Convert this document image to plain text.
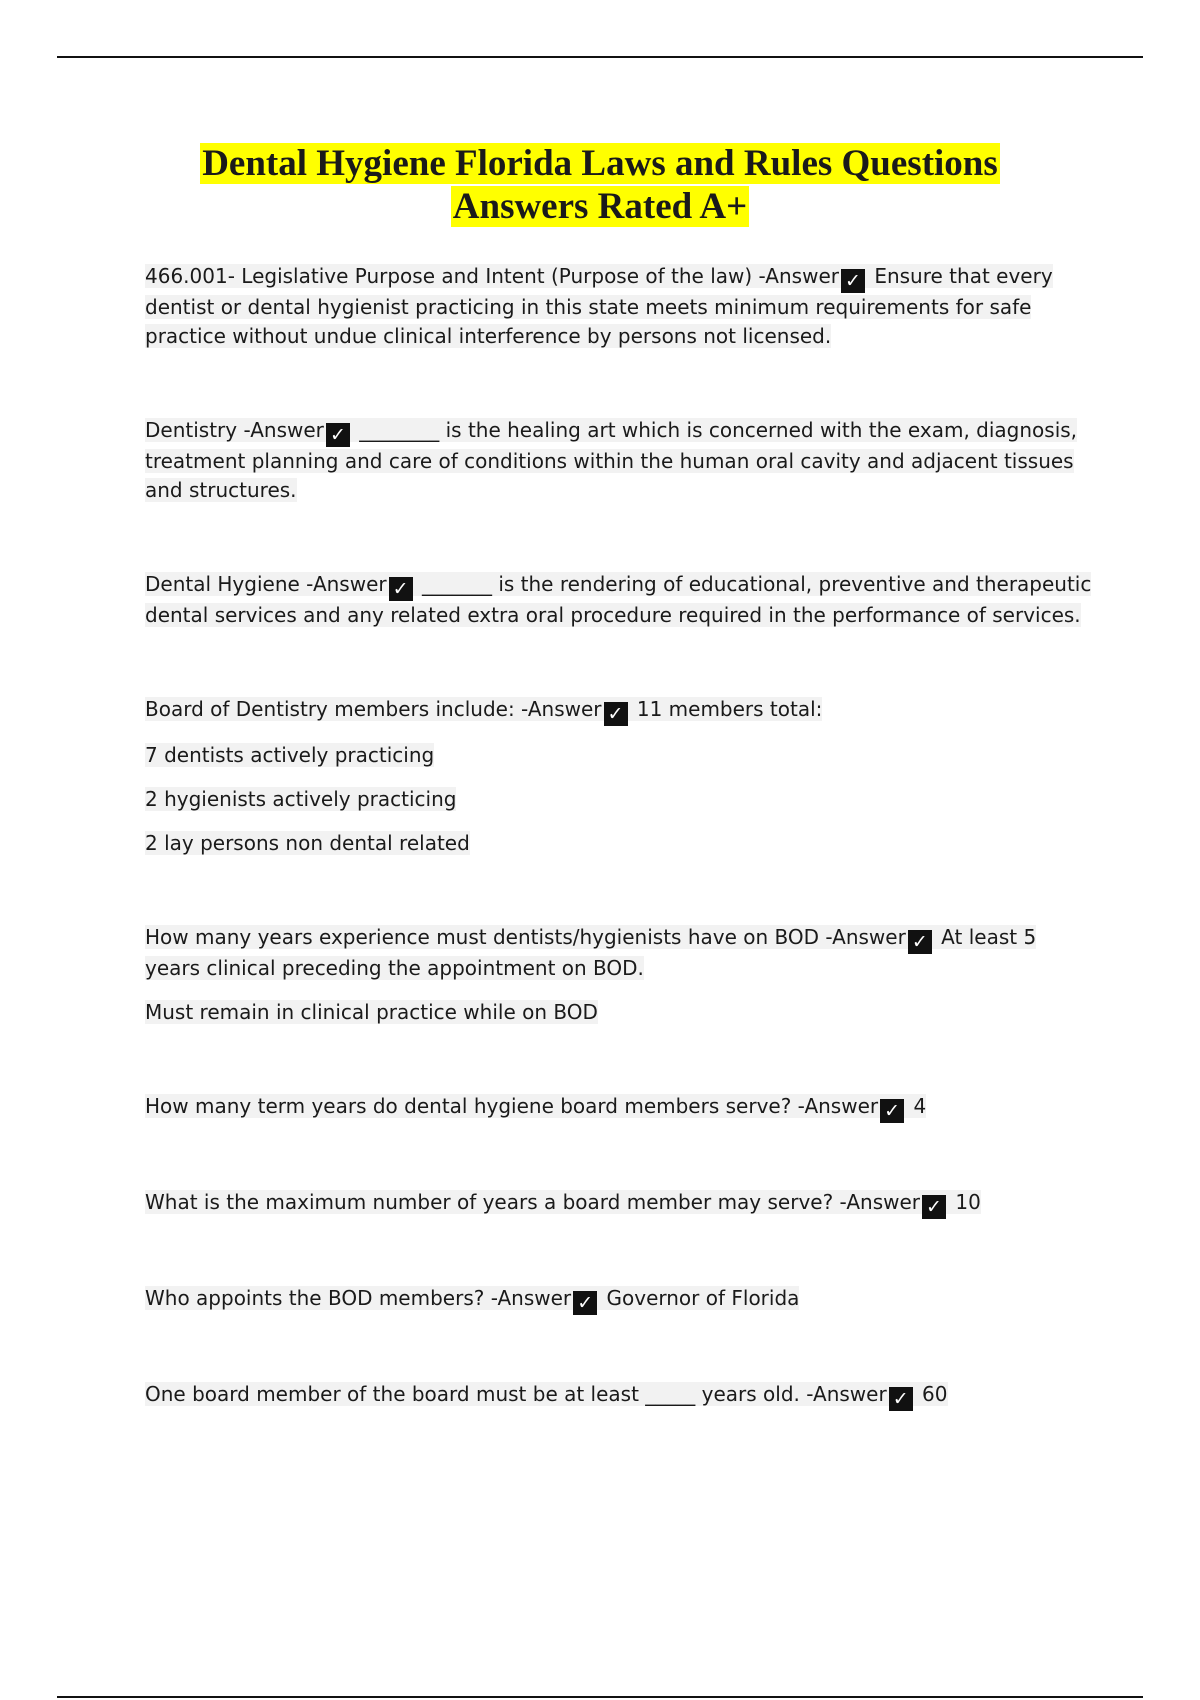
Dental Hygiene Florida Laws and Rules Questions
Answers Rated A+

466.001- Legislative Purpose and Intent (Purpose of the law) -Answer ✓ Ensure that every dentist or dental hygienist practicing in this state meets minimum requirements for safe practice without undue clinical interference by persons not licensed.

Dentistry -Answer ✓ ________ is the healing art which is concerned with the exam, diagnosis, treatment planning and care of conditions within the human oral cavity and adjacent tissues and structures.

Dental Hygiene -Answer ✓ _______ is the rendering of educational, preventive and therapeutic dental services and any related extra oral procedure required in the performance of services.

Board of Dentistry members include: -Answer ✓ 11 members total:

7 dentists actively practicing

2 hygienists actively practicing

2 lay persons non dental related

How many years experience must dentists/hygienists have on BOD -Answer ✓ At least 5 years clinical preceding the appointment on BOD.

Must remain in clinical practice while on BOD

How many term years do dental hygiene board members serve? -Answer ✓ 4

What is the maximum number of years a board member may serve? -Answer ✓ 10

Who appoints the BOD members? -Answer ✓ Governor of Florida

One board member of the board must be at least _____ years old. -Answer ✓ 60
